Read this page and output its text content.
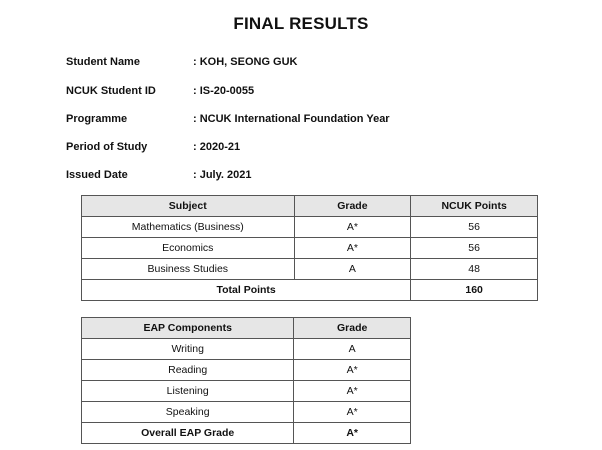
FINAL RESULTS
Student Name	: KOH, SEONG GUK
NCUK Student ID	: IS-20-0055
Programme	: NCUK International Foundation Year
Period of Study	: 2020-21
Issued Date	: July. 2021
Subject	Grade	NCUK Points
Mathematics (Business)	A*	56
Economics	A*	56
Business Studies	A	48
Total Points		160
EAP Components	Grade
Writing	A
Reading	A*
Listening	A*
Speaking	A*
Overall EAP Grade	A*
